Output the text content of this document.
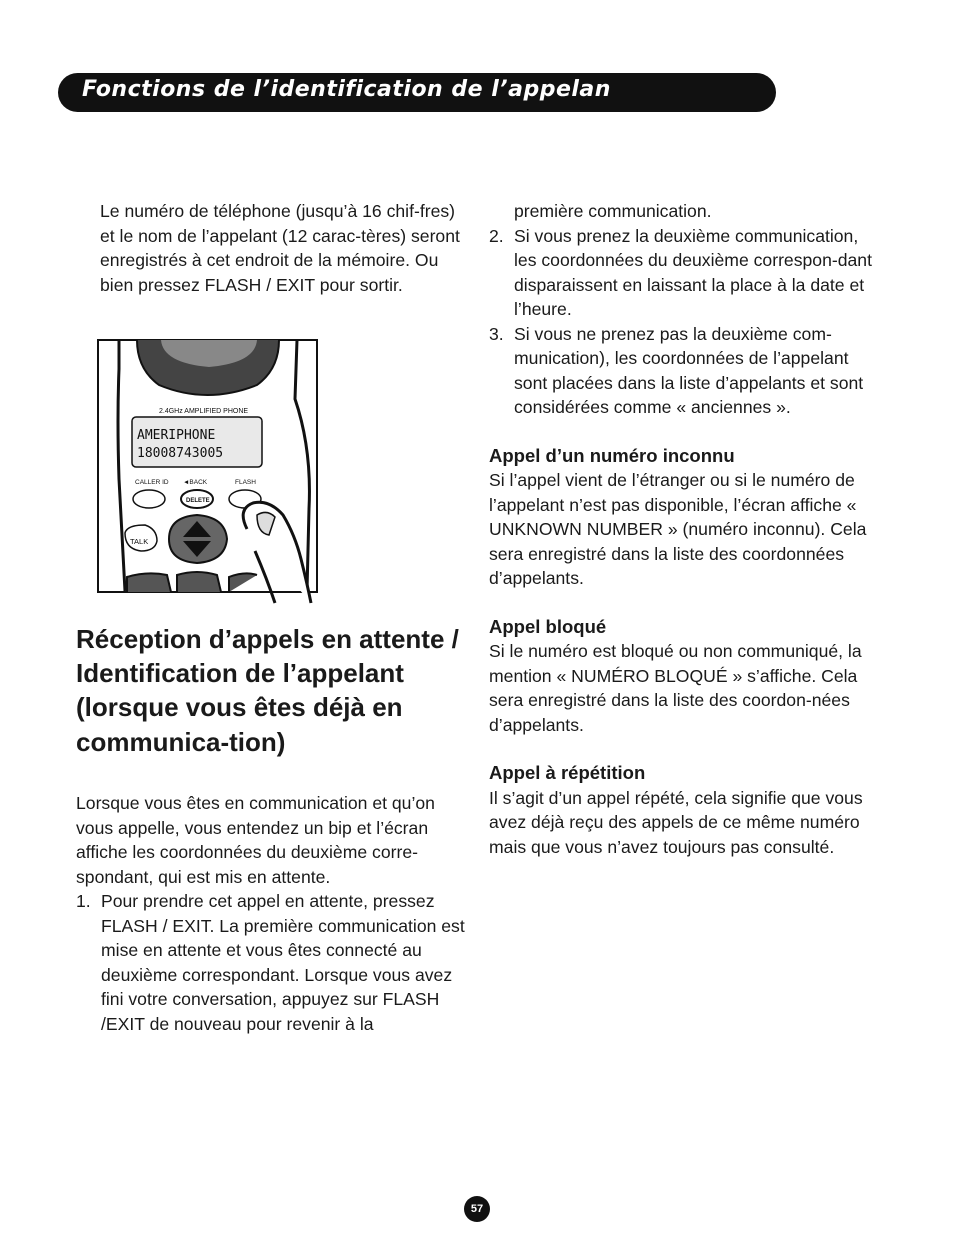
Fonctions de l’identification de l’appelan

Le numéro de téléphone (jusqu’à 16 chif-fres) et le nom de l’appelant (12 carac-tères) seront enregistrés à cet endroit de la mémoire. Ou bien pressez FLASH / EXIT pour sortir.

2.4GHz AMPLIFIED PHONE
AMERIPHONE
18008743005
CALLER ID ◄BACK	FLASH
DELETE
TALK
Réception d’appels en attente / Identification de l’appelant (lorsque vous êtes déjà en communica-tion)

Lorsque vous êtes en communication et qu’on vous appelle, vous entendez un bip et l’écran affiche les coordonnées du deuxième corre-spondant, qui est mis en attente.

1. Pour prendre cet appel en attente, pressez FLASH / EXIT. La première communication est mise en attente et vous êtes connecté au deuxième correspondant. Lorsque vous avez fini votre conversation, appuyez sur FLASH /EXIT de nouveau pour revenir à la

première communication.

2. Si vous prenez la deuxième communication, les coordonnées du deuxième correspon-dant disparaissent en laissant la place à la date et l’heure.
3. Si vous ne prenez pas la deuxième com-munication), les coordonnées de l’appelant sont placées dans la liste d’appelants et sont considérées comme « anciennes ».

Appel d’un numéro inconnu

Si l’appel vient de l’étranger ou si le numéro de l’appelant n’est pas disponible, l’écran affiche « UNKNOWN NUMBER » (numéro inconnu). Cela sera enregistré dans la liste des coordonnées d’appelants.

Appel bloqué

Si le numéro est bloqué ou non communiqué, la mention « NUMÉRO BLOQUÉ » s’affiche. Cela sera enregistré dans la liste des coordon-nées d’appelants.

Appel à répétition

Il s’agit d’un appel répété, cela signifie que vous avez déjà reçu des appels de ce même numéro mais que vous n’avez toujours pas consulté.

57
